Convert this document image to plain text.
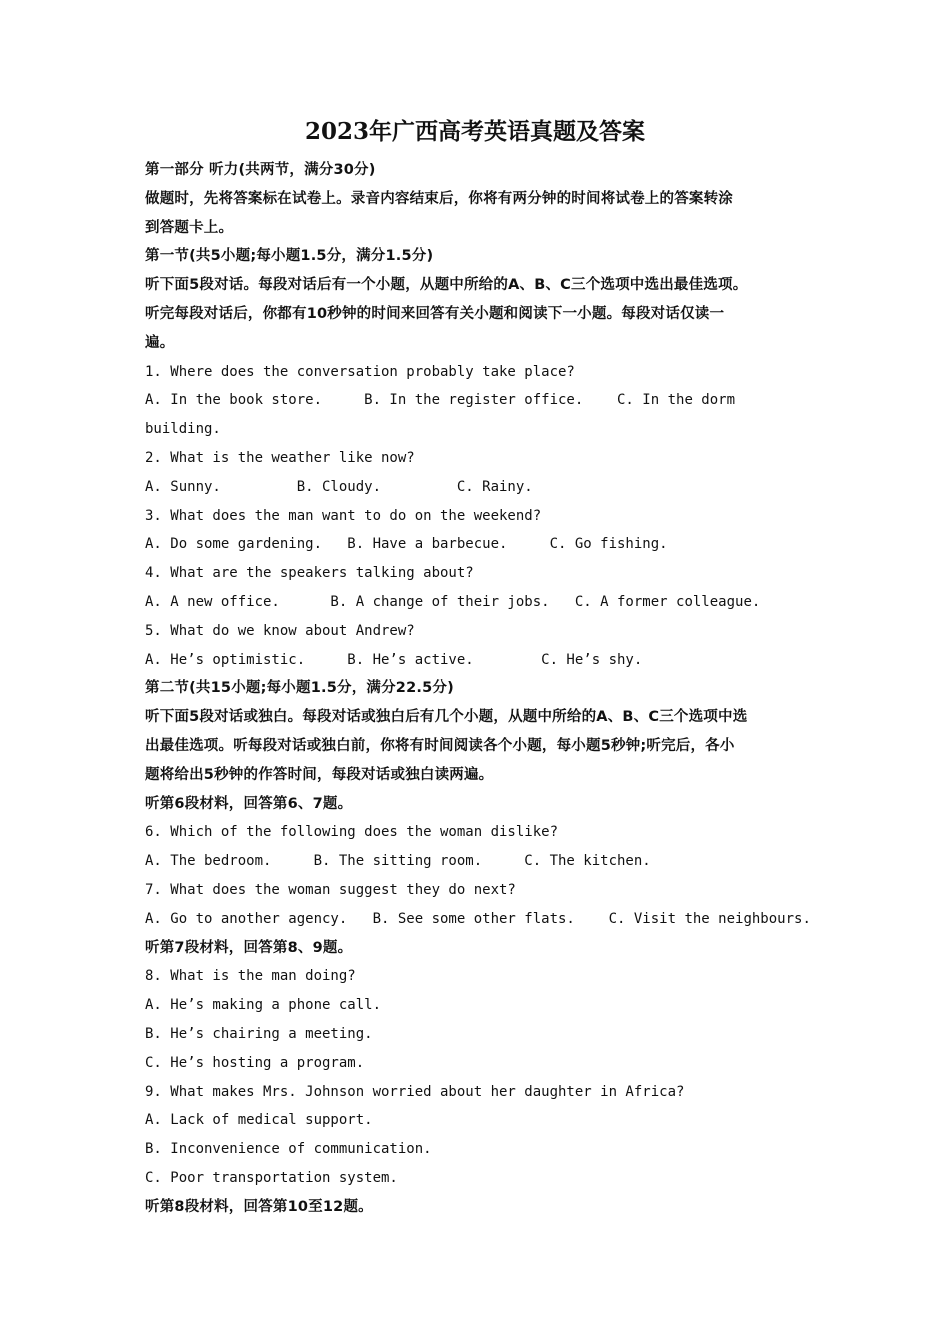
2023年广西高考英语真题及答案
第一部分 听力(共两节，满分30分)
做题时，先将答案标在试卷上。录音内容结束后，你将有两分钟的时间将试卷上的答案转涂
到答题卡上。
第一节(共5小题;每小题1.5分，满分1.5分)
听下面5段对话。每段对话后有一个小题，从题中所给的A、B、C三个选项中选出最佳选项。
听完每段对话后，你都有10秒钟的时间来回答有关小题和阅读下一小题。每段对话仅读一
遍。
1. Where does the conversation probably take place?
A. In the book store.     B. In the register office.    C. In the dorm
building.
2. What is the weather like now?
A. Sunny.         B. Cloudy.         C. Rainy.
3. What does the man want to do on the weekend?
A. Do some gardening.   B. Have a barbecue.     C. Go fishing.
4. What are the speakers talking about?
A. A new office.      B. A change of their jobs.   C. A former colleague.
5. What do we know about Andrew?
A. He’s optimistic.     B. He’s active.        C. He’s shy.
第二节(共15小题;每小题1.5分，满分22.5分)
听下面5段对话或独白。每段对话或独白后有几个小题，从题中所给的A、B、C三个选项中选
出最佳选项。听每段对话或独白前，你将有时间阅读各个小题，每小题5秒钟;听完后，各小
题将给出5秒钟的作答时间，每段对话或独白读两遍。
听第6段材料，回答第6、7题。
6. Which of the following does the woman dislike?
A. The bedroom.     B. The sitting room.     C. The kitchen.
7. What does the woman suggest they do next?
A. Go to another agency.   B. See some other flats.    C. Visit the neighbours.
听第7段材料，回答第8、9题。
8. What is the man doing?
A. He’s making a phone call.
B. He’s chairing a meeting.
C. He’s hosting a program.
9. What makes Mrs. Johnson worried about her daughter in Africa?
A. Lack of medical support.
B. Inconvenience of communication.
C. Poor transportation system.
听第8段材料，回答第10至12题。
